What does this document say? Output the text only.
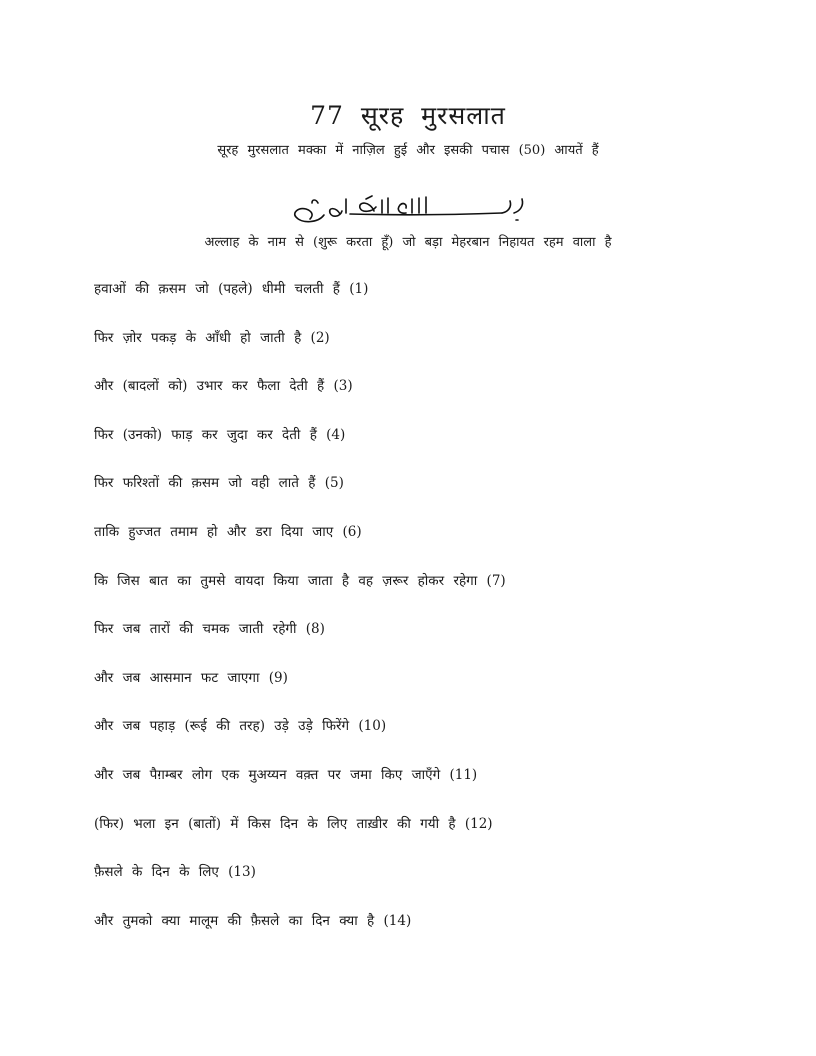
77 सूरह मुरसलात
सूरह मुरसलात मक्का में नाज़िल हुई और इसकी पचास (50) आयतें हैं
अल्लाह के नाम से (शुरू करता हूँ) जो बड़ा मेहरबान निहायत रहम वाला है
हवाओं की क़सम जो (पहले) धीमी चलती हैं (1)
फिर ज़ोर पकड़ के आँधी हो जाती है (2)
और (बादलों को) उभार कर फैला देती हैं (3)
फिर (उनको) फाड़ कर जुदा कर देती हैं (4)
फिर फरिश्तों की क़सम जो वही लाते हैं (5)
ताकि हुज्जत तमाम हो और डरा दिया जाए (6)
कि जिस बात का तुमसे वायदा किया जाता है वह ज़रूर होकर रहेगा (7)
फिर जब तारों की चमक जाती रहेगी (8)
और जब आसमान फट जाएगा (9)
और जब पहाड़ (रूई की तरह) उड़े उड़े फिरेंगे (10)
और जब पैग़म्बर लोग एक मुअय्यन वक़्त पर जमा किए जाएँगे (11)
(फिर) भला इन (बातों) में किस दिन के लिए ताख़ीर की गयी है (12)
फ़ैसले के दिन के लिए (13)
और तुमको क्या मालूम की फ़ैसले का दिन क्या है (14)
